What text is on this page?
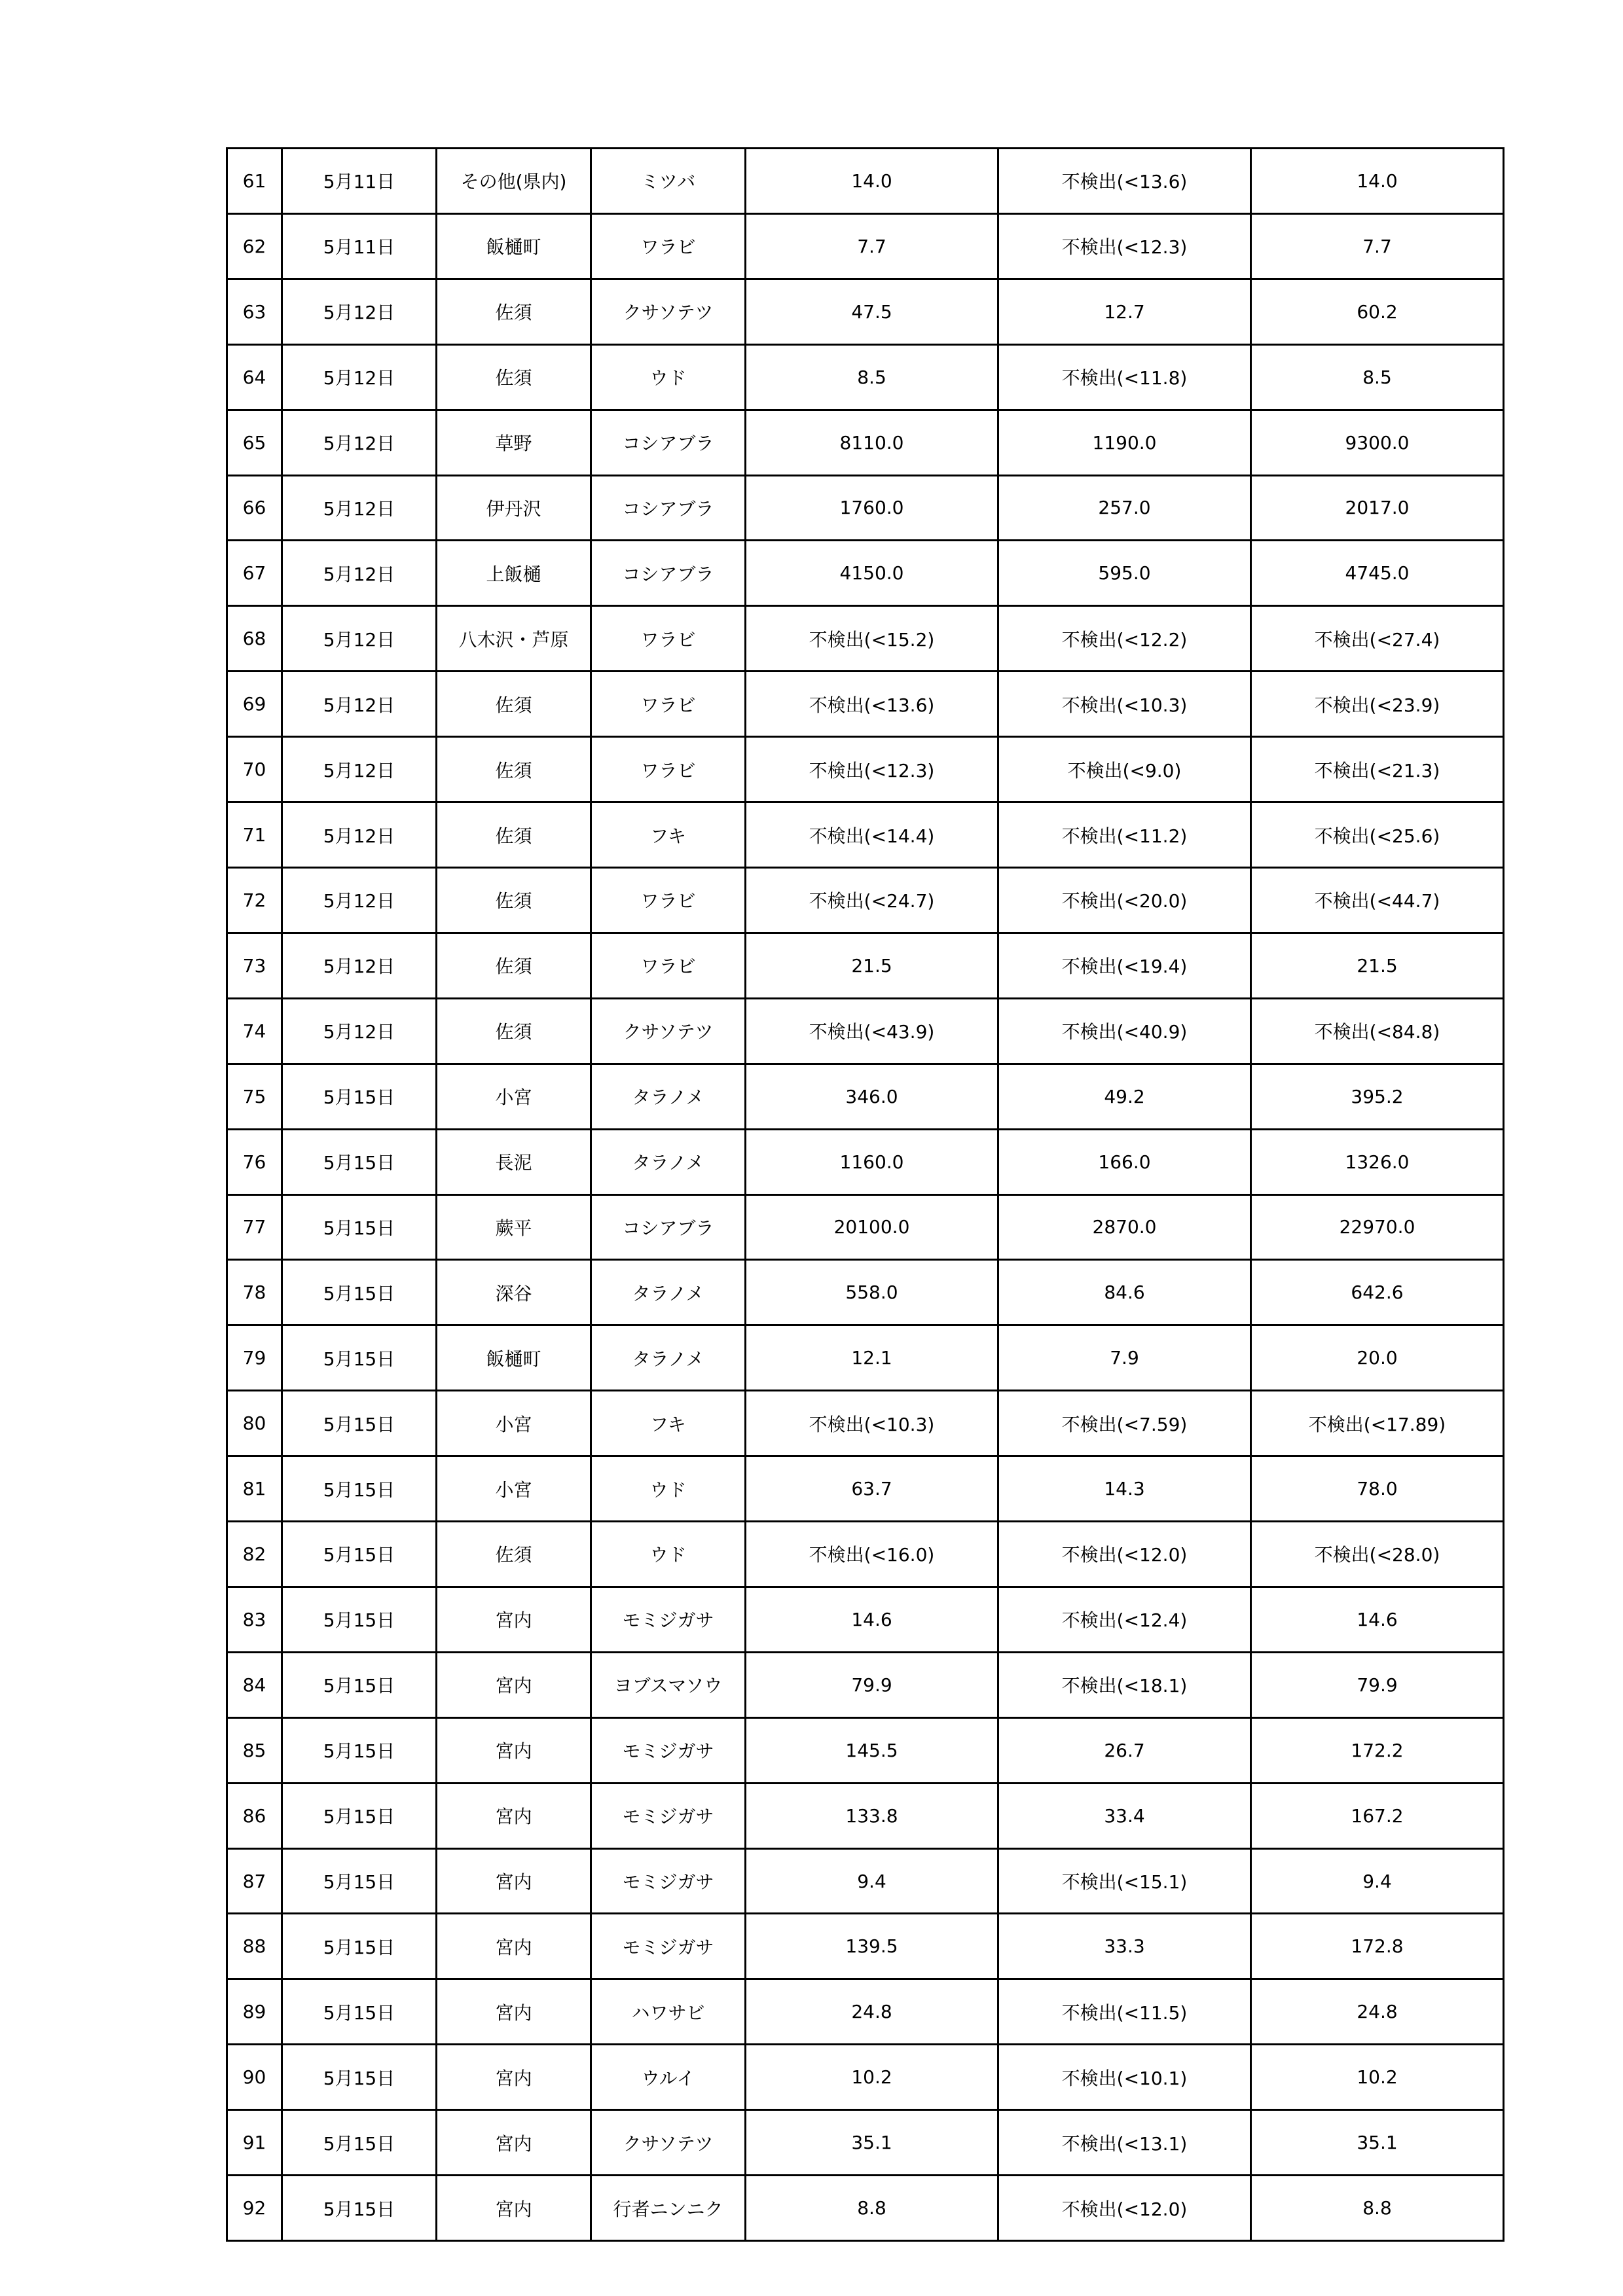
61	5月11日	その他(県内)	ミツバ	14.0	不検出(<13.6)	14.0
62	5月11日	飯樋町	ワラビ	7.7	不検出(<12.3)	7.7
63	5月12日	佐須	クサソテツ	47.5	12.7	60.2
64	5月12日	佐須	ウド	8.5	不検出(<11.8)	8.5
65	5月12日	草野	コシアブラ	8110.0	1190.0	9300.0
66	5月12日	伊丹沢	コシアブラ	1760.0	257.0	2017.0
67	5月12日	上飯樋	コシアブラ	4150.0	595.0	4745.0
68	5月12日	八木沢・芦原	ワラビ	不検出(<15.2)	不検出(<12.2)	不検出(<27.4)
69	5月12日	佐須	ワラビ	不検出(<13.6)	不検出(<10.3)	不検出(<23.9)
70	5月12日	佐須	ワラビ	不検出(<12.3)	不検出(<9.0)	不検出(<21.3)
71	5月12日	佐須	フキ	不検出(<14.4)	不検出(<11.2)	不検出(<25.6)
72	5月12日	佐須	ワラビ	不検出(<24.7)	不検出(<20.0)	不検出(<44.7)
73	5月12日	佐須	ワラビ	21.5	不検出(<19.4)	21.5
74	5月12日	佐須	クサソテツ	不検出(<43.9)	不検出(<40.9)	不検出(<84.8)
75	5月15日	小宮	タラノメ	346.0	49.2	395.2
76	5月15日	長泥	タラノメ	1160.0	166.0	1326.0
77	5月15日	蕨平	コシアブラ	20100.0	2870.0	22970.0
78	5月15日	深谷	タラノメ	558.0	84.6	642.6
79	5月15日	飯樋町	タラノメ	12.1	7.9	20.0
80	5月15日	小宮	フキ	不検出(<10.3)	不検出(<7.59)	不検出(<17.89)
81	5月15日	小宮	ウド	63.7	14.3	78.0
82	5月15日	佐須	ウド	不検出(<16.0)	不検出(<12.0)	不検出(<28.0)
83	5月15日	宮内	モミジガサ	14.6	不検出(<12.4)	14.6
84	5月15日	宮内	ヨブスマソウ	79.9	不検出(<18.1)	79.9
85	5月15日	宮内	モミジガサ	145.5	26.7	172.2
86	5月15日	宮内	モミジガサ	133.8	33.4	167.2
87	5月15日	宮内	モミジガサ	9.4	不検出(<15.1)	9.4
88	5月15日	宮内	モミジガサ	139.5	33.3	172.8
89	5月15日	宮内	ハワサビ	24.8	不検出(<11.5)	24.8
90	5月15日	宮内	ウルイ	10.2	不検出(<10.1)	10.2
91	5月15日	宮内	クサソテツ	35.1	不検出(<13.1)	35.1
92	5月15日	宮内	行者ニンニク	8.8	不検出(<12.0)	8.8
